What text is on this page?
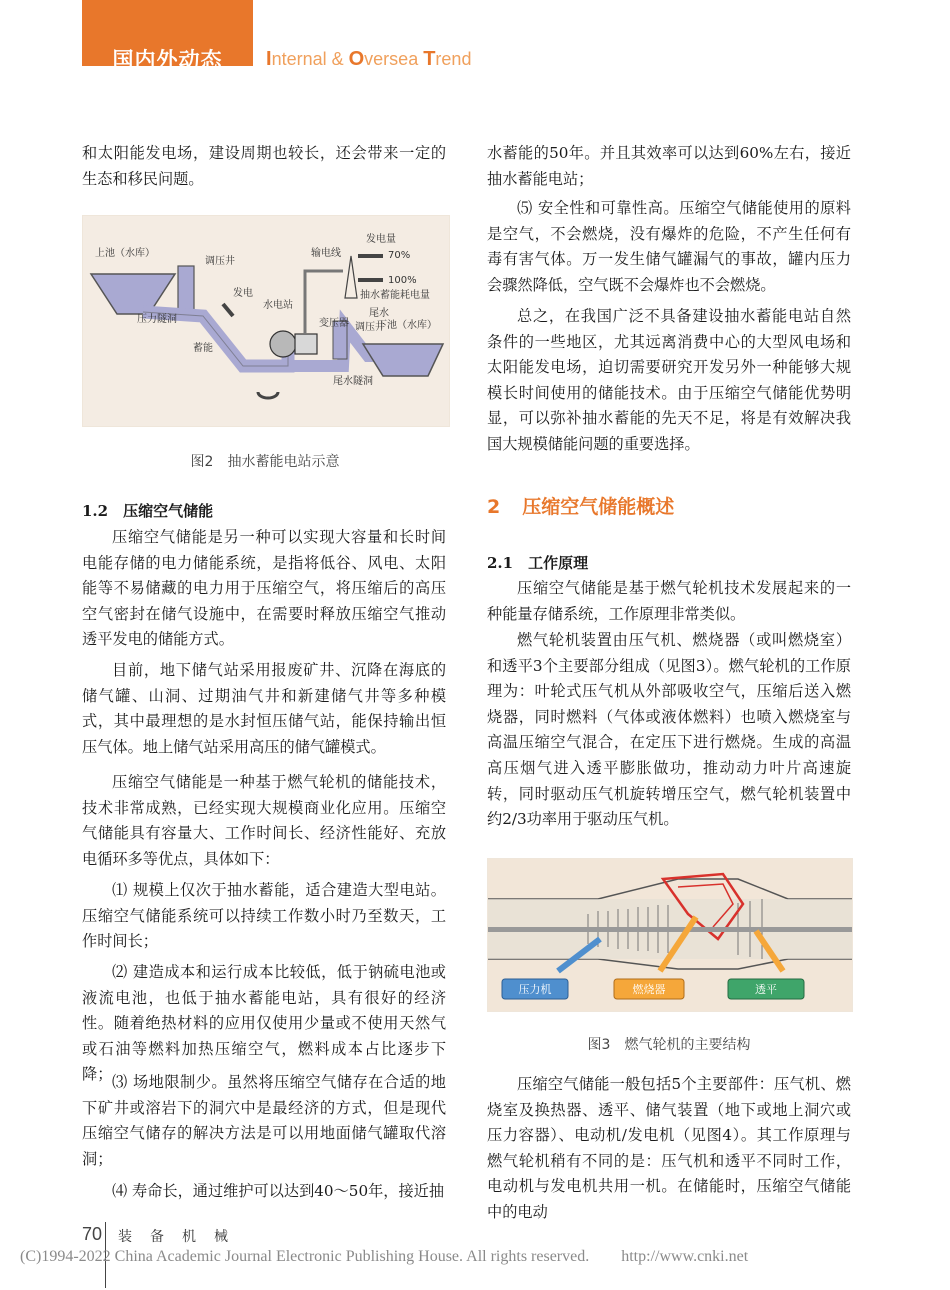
国内外动态	Internal & Oversea Trend

和太阳能发电场，建设周期也较长，还会带来一定的生态和移民问题。

上池（水库）
调压井
输电线
发电量
70%
100%
抽水蓄能耗电量
发电
压力隧洞
水电站
变压器
尾水
调压井
下池（水库）
蓄能
尾水隧洞
图2　抽水蓄能电站示意
1.2　压缩空气储能

压缩空气储能是另一种可以实现大容量和长时间电能存储的电力储能系统，是指将低谷、风电、太阳能等不易储藏的电力用于压缩空气，将压缩后的高压空气密封在储气设施中，在需要时释放压缩空气推动透平发电的储能方式。

目前，地下储气站采用报废矿井、沉降在海底的储气罐、山洞、过期油气井和新建储气井等多种模式，其中最理想的是水封恒压储气站，能保持输出恒压气体。地上储气站采用高压的储气罐模式。

压缩空气储能是一种基于燃气轮机的储能技术，技术非常成熟，已经实现大规模商业化应用。压缩空气储能具有容量大、工作时间长、经济性能好、充放电循环多等优点，具体如下：

⑴ 规模上仅次于抽水蓄能，适合建造大型电站。压缩空气储能系统可以持续工作数小时乃至数天，工作时间长；

⑵ 建造成本和运行成本比较低，低于钠硫电池或液流电池，也低于抽水蓄能电站，具有很好的经济性。随着绝热材料的应用仅使用少量或不使用天然气或石油等燃料加热压缩空气，燃料成本占比逐步下降； ⑶ 场地限制少。虽然将压缩空气储存在合适的地下矿井或溶岩下的洞穴中是最经济的方式，但是现代压缩空气储存的解决方法是可以用地面储气罐取代溶洞；

⑷ 寿命长，通过维护可以达到40～50年，接近抽

水蓄能的50年。并且其效率可以达到60%左右，接近抽水蓄能电站；

⑸ 安全性和可靠性高。压缩空气储能使用的原料是空气，不会燃烧，没有爆炸的危险，不产生任何有毒有害气体。万一发生储气罐漏气的事故，罐内压力会骤然降低，空气既不会爆炸也不会燃烧。

总之，在我国广泛不具备建设抽水蓄能电站自然条件的一些地区，尤其远离消费中心的大型风电场和太阳能发电场，迫切需要研究开发另外一种能够大规模长时间使用的储能技术。由于压缩空气储能优势明显，可以弥补抽水蓄能的先天不足，将是有效解决我国大规模储能问题的重要选择。

2 压缩空气储能概述
2.1　工作原理

压缩空气储能是基于燃气轮机技术发展起来的一种能量存储系统，工作原理非常类似。

燃气轮机装置由压气机、燃烧器（或叫燃烧室）和透平3个主要部分组成（见图3）。燃气轮机的工作原理为：叶轮式压气机从外部吸收空气，压缩后送入燃烧器，同时燃料（气体或液体燃料）也喷入燃烧室与高温压缩空气混合，在定压下进行燃烧。生成的高温高压烟气进入透平膨胀做功，推动动力叶片高速旋转，同时驱动压气机旋转增压空气，燃气轮机装置中约2/3功率用于驱动压气机。

压力机	燃烧器	透平
图3　燃气轮机的主要结构

压缩空气储能一般包括5个主要部件：压气机、燃烧室及换热器、透平、储气装置（地下或地上洞穴或压力容器）、电动机/发电机（见图4）。其工作原理与燃气轮机稍有不同的是：压气机和透平不同时工作，电动机与发电机共用一机。在储能时，压缩空气储能中的电动

70 装备机械
(C)1994-2022 China Academic Journal Electronic Publishing House. All rights reserved.　　http://www.cnki.net
